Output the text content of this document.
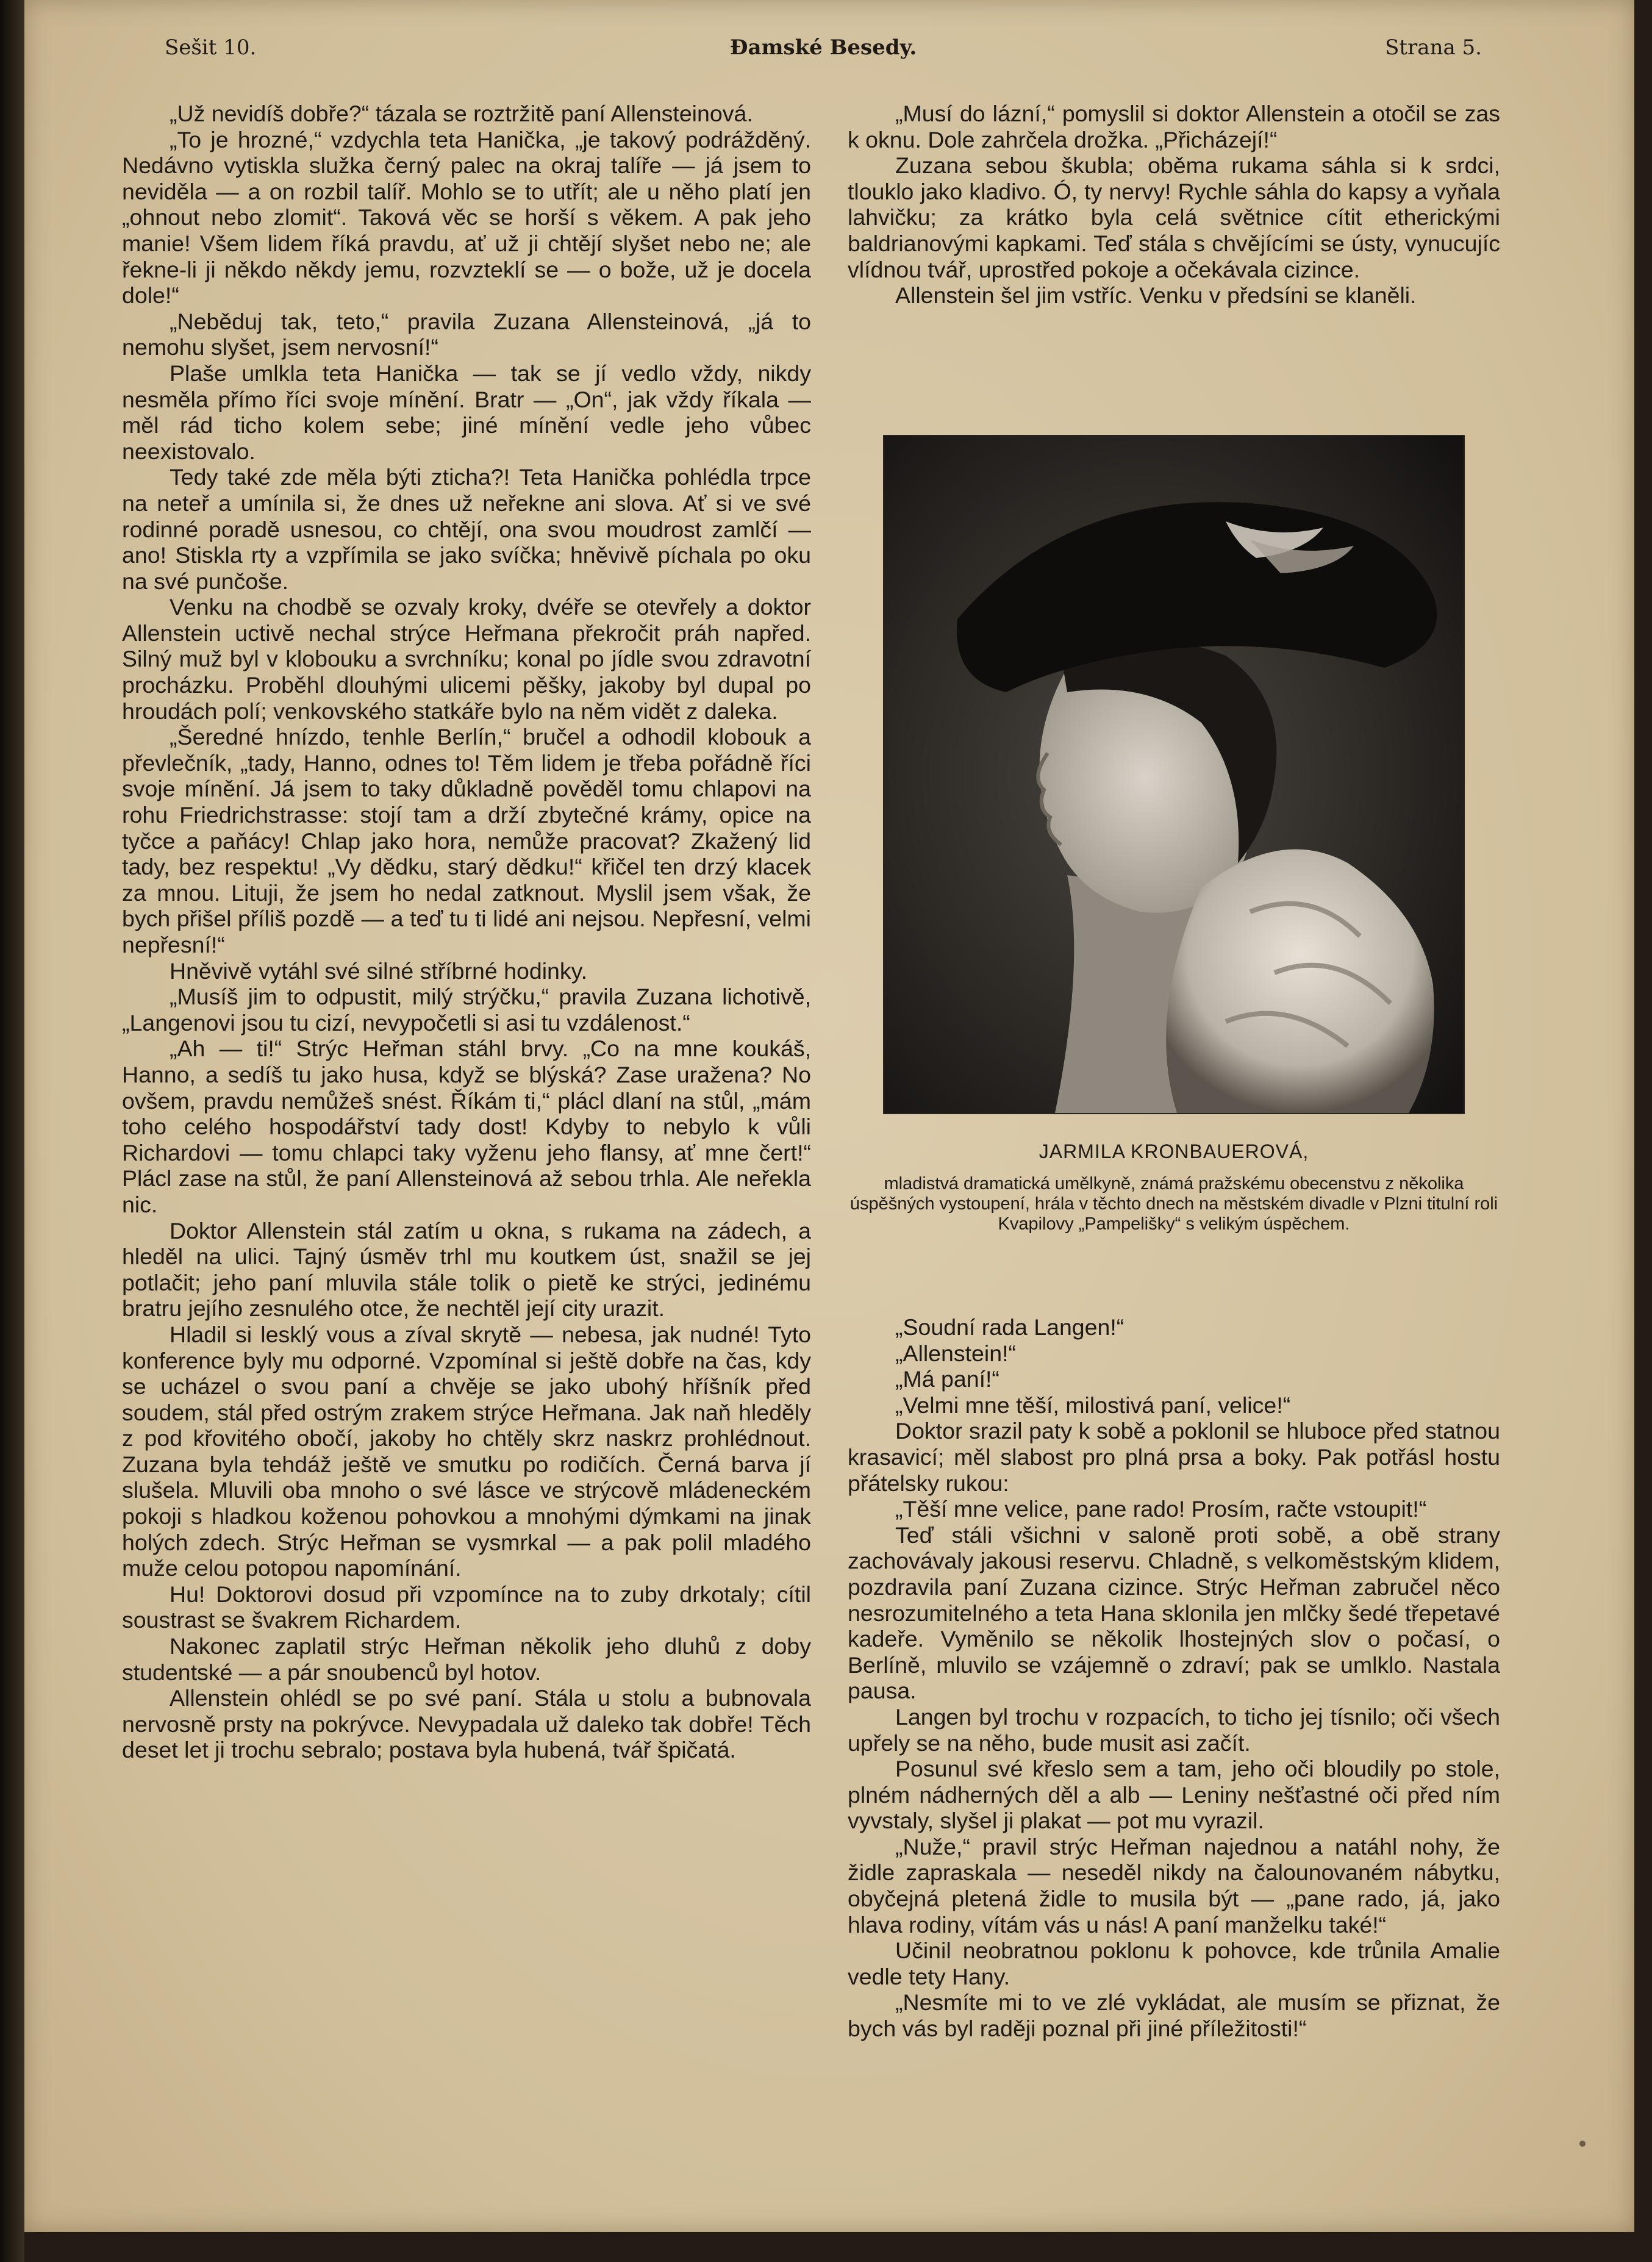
Sešit 10.	Ðamské Besedy.	Strana 5.

„Už nevidíš dobře?“ tázala se roztržitě paní Allensteinová.

„To je hrozné,“ vzdychla teta Hanička, „je takový podrážděný. Nedávno vytiskla služka černý palec na okraj talíře — já jsem to neviděla — a on rozbil talíř. Mohlo se to utřít; ale u něho platí jen „ohnout nebo zlomit“. Taková věc se horší s věkem. A pak jeho manie! Všem lidem říká pravdu, ať už ji chtějí slyšet nebo ne; ale řekne-li ji někdo někdy jemu, rozvzteklí se — o bože, už je docela dole!“

„Neběduj tak, teto,“ pravila Zuzana Allensteinová, „já to nemohu slyšet, jsem nervosní!“

Plaše umlkla teta Hanička — tak se jí vedlo vždy, nikdy nesměla přímo říci svoje mínění. Bratr — „On“, jak vždy říkala — měl rád ticho kolem sebe; jiné mínění vedle jeho vůbec neexistovalo.

Tedy také zde měla býti zticha?! Teta Hanička pohlédla trpce na neteř a umínila si, že dnes už neřekne ani slova. Ať si ve své rodinné poradě usnesou, co chtějí, ona svou moudrost zamlčí — ano! Stiskla rty a vzpřímila se jako svíčka; hněvivě píchala po oku na své punčoše.

Venku na chodbě se ozvaly kroky, dvéře se otevřely a doktor Allenstein uctivě nechal strýce Heřmana překročit práh napřed. Silný muž byl v klobouku a svrchníku; konal po jídle svou zdravotní procházku. Proběhl dlouhými ulicemi pěšky, jakoby byl dupal po hroudách polí; venkovského statkáře bylo na něm vidět z daleka.

„Šeredné hnízdo, tenhle Berlín,“ bručel a odhodil klobouk a převlečník, „tady, Hanno, odnes to! Těm lidem je třeba pořádně říci svoje mínění. Já jsem to taky důkladně pověděl tomu chlapovi na rohu Friedrichstrasse: stojí tam a drží zbytečné krámy, opice na tyčce a paňácy! Chlap jako hora, nemůže pracovat? Zkažený lid tady, bez respektu! „Vy dědku, starý dědku!“ křičel ten drzý klacek za mnou. Lituji, že jsem ho nedal zatknout. Myslil jsem však, že bych přišel příliš pozdě — a teď tu ti lidé ani nejsou. Nepřesní, velmi nepřesní!“

Hněvivě vytáhl své silné stříbrné hodinky.

„Musíš jim to odpustit, milý strýčku,“ pravila Zuzana lichotivě, „Langenovi jsou tu cizí, nevypočetli si asi tu vzdálenost.“

„Ah — ti!“ Strýc Heřman stáhl brvy. „Co na mne koukáš, Hanno, a sedíš tu jako husa, když se blýská? Zase uražena? No ovšem, pravdu nemůžeš snést. Říkám ti,“ plácl dlaní na stůl, „mám toho celého hospodářství tady dost! Kdyby to nebylo k vůli Richardovi — tomu chlapci taky vyženu jeho flansy, ať mne čert!“ Plácl zase na stůl, že paní Allensteinová až sebou trhla. Ale neřekla nic.

Doktor Allenstein stál zatím u okna, s rukama na zádech, a hleděl na ulici. Tajný úsměv trhl mu koutkem úst, snažil se jej potlačit; jeho paní mluvila stále tolik o pietě ke strýci, jedinému bratru jejího zesnulého otce, že nechtěl její city urazit.

Hladil si lesklý vous a zíval skrytě — nebesa, jak nudné! Tyto konference byly mu odporné. Vzpomínal si ještě dobře na čas, kdy se ucházel o svou paní a chvěje se jako ubohý hříšník před soudem, stál před ostrým zrakem strýce Heřmana. Jak naň hleděly z pod křovitého obočí, jakoby ho chtěly skrz naskrz prohlédnout. Zuzana byla tehdáž ještě ve smutku po rodičích. Černá barva jí slušela. Mluvili oba mnoho o své lásce ve strýcově mládeneckém pokoji s hladkou koženou pohovkou a mnohými dýmkami na jinak holých zdech. Strýc Heřman se vysmrkal — a pak polil mladého muže celou potopou napomínání.

Hu! Doktorovi dosud při vzpomínce na to zuby drkotaly; cítil soustrast se švakrem Richardem.

Nakonec zaplatil strýc Heřman několik jeho dluhů z doby studentské — a pár snoubenců byl hotov.

Allenstein ohlédl se po své paní. Stála u stolu a bubnovala nervosně prsty na pokrývce. Nevypadala už daleko tak dobře! Těch deset let ji trochu sebralo; postava byla hubená, tvář špičatá.

„Musí do lázní,“ pomyslil si doktor Allenstein a otočil se zas k oknu. Dole zahrčela drožka. „Přicházejí!“

Zuzana sebou škubla; oběma rukama sáhla si k srdci, tlouklo jako kladivo. Ó, ty nervy! Rychle sáhla do kapsy a vyňala lahvičku; za krátko byla celá světnice cítit etherickými baldrianovými kapkami. Teď stála s chvějícími se ústy, vynucujíc vlídnou tvář, uprostřed pokoje a očekávala cizince.

Allenstein šel jim vstříc. Venku v předsíni se klaněli.

JARMILA KRONBAUEROVÁ,
mladistvá dramatická umělkyně, známá pražskému obecenstvu z několika úspěšných vystoupení, hrála v těchto dnech na městském divadle v Plzni titulní roli Kvapilovy „Pampelišky“ s velikým úspěchem.

„Soudní rada Langen!“

„Allenstein!“

„Má paní!“

„Velmi mne těší, milostivá paní, velice!“

Doktor srazil paty k sobě a poklonil se hluboce před statnou krasavicí; měl slabost pro plná prsa a boky. Pak potřásl hostu přátelsky rukou:

„Těší mne velice, pane rado! Prosím, račte vstoupit!“

Teď stáli všichni v saloně proti sobě, a obě strany zachovávaly jakousi reservu. Chladně, s velkoměstským klidem, pozdravila paní Zuzana cizince. Strýc Heřman zabručel něco nesrozumitelného a teta Hana sklonila jen mlčky šedé třepetavé kadeře. Vyměnilo se několik lhostejných slov o počasí, o Berlíně, mluvilo se vzájemně o zdraví; pak se umlklo. Nastala pausa.

Langen byl trochu v rozpacích, to ticho jej tísnilo; oči všech upřely se na něho, bude musit asi začít.

Posunul své křeslo sem a tam, jeho oči bloudily po stole, plném nádherných děl a alb — Leniny nešťastné oči před ním vyvstaly, slyšel ji plakat — pot mu vyrazil.

„Nuže,“ pravil strýc Heřman najednou a natáhl nohy, že židle zapraskala — neseděl nikdy na čalounovaném nábytku, obyčejná pletená židle to musila být — „pane rado, já, jako hlava rodiny, vítám vás u nás! A paní manželku také!“

Učinil neobratnou poklonu k pohovce, kde trůnila Amalie vedle tety Hany.

„Nesmíte mi to ve zlé vykládat, ale musím se přiznat, že bych vás byl raději poznal při jiné příležitosti!“
